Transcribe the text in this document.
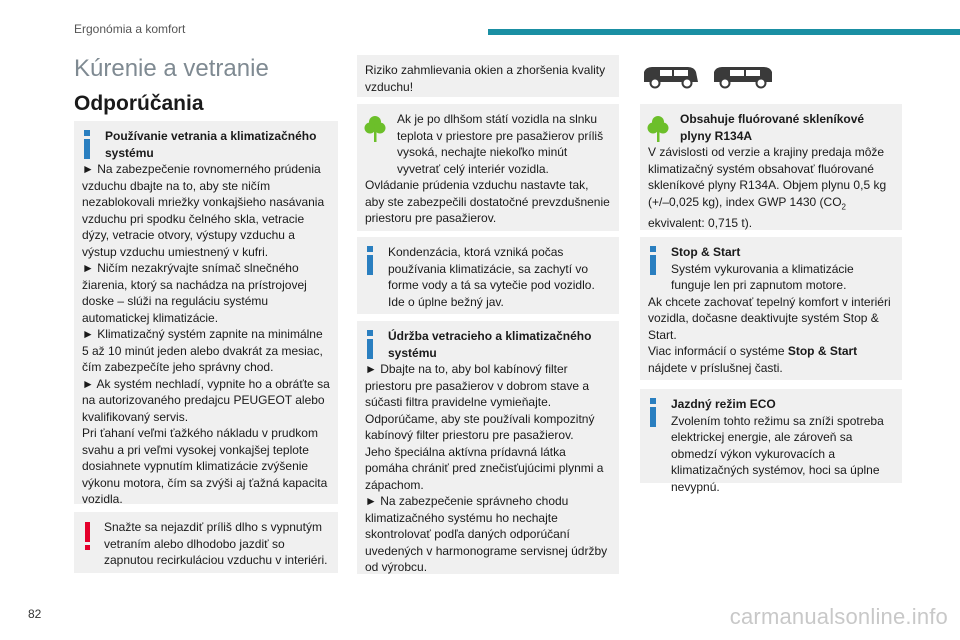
Ergonómia a komfort
Kúrenie a vetranie
Odporúčania
Používanie vetrania a klimatizačného systému

► Na zabezpečenie rovnomerného prúdenia vzduchu dbajte na to, aby ste ničím nezablokovali mriežky vonkajšieho nasávania vzduchu pri spodku čelného skla, vetracie dýzy, vetracie otvory, výstupy vzduchu a výstup vzduchu umiestnený v kufri.

► Ničím nezakrývajte snímač slnečného žiarenia, ktorý sa nachádza na prístrojovej doske – slúži na reguláciu systému automatickej klimatizácie.

► Klimatizačný systém zapnite na minimálne 5 až 10 minút jeden alebo dvakrát za mesiac, čím zabezpečíte jeho správny chod.

► Ak systém nechladí, vypnite ho a obráťte sa na autorizovaného predajcu PEUGEOT alebo kvalifikovaný servis.

Pri ťahaní veľmi ťažkého nákladu v prudkom svahu a pri veľmi vysokej vonkajšej teplote dosiahnete vypnutím klimatizácie zvýšenie výkonu motora, čím sa zvýši aj ťažná kapacita vozidla.

Snažte sa nejazdiť príliš dlho s vypnutým vetraním alebo dlhodobo jazdiť so zapnutou recirkuláciou vzduchu v interiéri.

Riziko zahmlievania okien a zhoršenia kvality vzduchu!

Ak je po dlhšom státí vozidla na slnku teplota v priestore pre pasažierov príliš vysoká, nechajte niekoľko minút vyvetrať celý interiér vozidla.

Ovládanie prúdenia vzduchu nastavte tak, aby ste zabezpečili dostatočné prevzdušnenie priestoru pre pasažierov.

Kondenzácia, ktorá vzniká počas používania klimatizácie, sa zachytí vo forme vody a tá sa vytečie pod vozidlo. Ide o úplne bežný jav.

Údržba vetracieho a klimatizačného systému

► Dbajte na to, aby bol kabínový filter priestoru pre pasažierov v dobrom stave a súčasti filtra pravidelne vymieňajte.

Odporúčame, aby ste používali kompozitný kabínový filter priestoru pre pasažierov.

Jeho špeciálna aktívna prídavná látka pomáha chrániť pred znečisťujúcimi plynmi a zápachom.

► Na zabezpečenie správneho chodu klimatizačného systému ho nechajte skontrolovať podľa daných odporúčaní uvedených v harmonograme servisnej údržby od výrobcu.

Obsahuje fluórované skleníkové plyny R134A

V závislosti od verzie a krajiny predaja môže klimatizačný systém obsahovať fluórované skleníkové plyny R134A. Objem plynu 0,5 kg (+/–0,025 kg), index GWP 1430 ($CO_2$ ekvivalent: 0,715 t).

Stop & Start

Systém vykurovania a klimatizácie funguje len pri zapnutom motore.

Ak chcete zachovať tepelný komfort v interiéri vozidla, dočasne deaktivujte systém Stop & Start.

Viac informácií o systéme Stop & Start nájdete v príslušnej časti.

Jazdný režim ECO

Zvolením tohto režimu sa zníži spotreba elektrickej energie, ale zároveň sa obmedzí výkon vykurovacích a klimatizačných systémov, hoci sa úplne nevypnú.

82	carmanualsonline.info
